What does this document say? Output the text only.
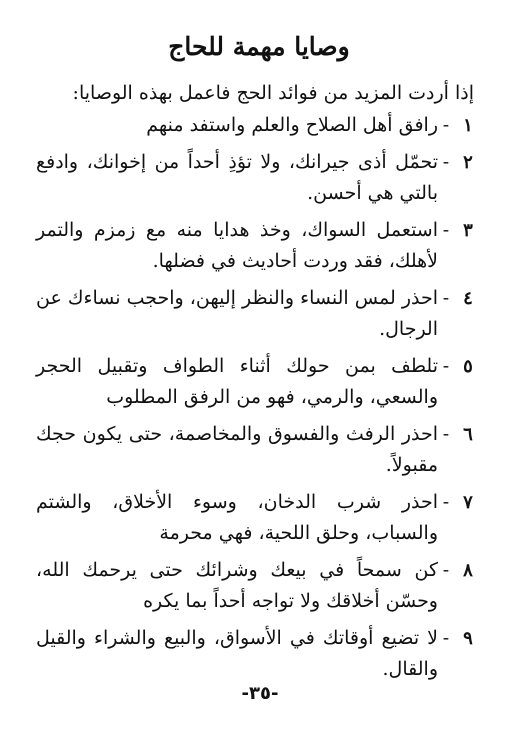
وصايا مهمة للحاج
إذا أردت المزيد من فوائد الحج فاعمل بهذه الوصايا:
١
-
رافق أهل الصلاح والعلم واستفد منهم
٢
-
تحمّل أذى جيرانك، ولا تؤذِ أحداً من إخوانك، وادفع بالتي هي أحسن.
٣
-
استعمل السواك، وخذ هدايا منه مع زمزم والتمر لأهلك، فقد وردت أحاديث في فضلها.
٤
-
احذر لمس النساء والنظر إليهن، واحجب نساءك عن الرجال.
٥
-
تلطف بمن حولك أثناء الطواف وتقبيل الحجر والسعي، والرمي، فهو من الرفق المطلوب
٦
-
احذر الرفث والفسوق والمخاصمة، حتى يكون حجك مقبولاً.
٧
-
احذر شرب الدخان، وسوء الأخلاق، والشتم والسباب، وحلق اللحية، فهي محرمة
٨
-
كن سمحاً في بيعك وشرائك حتى يرحمك الله، وحسّن أخلاقك ولا تواجه أحداً بما يكره
٩
-
لا تضيع أوقاتك في الأسواق، والبيع والشراء والقيل والقال.
-٣٥-
